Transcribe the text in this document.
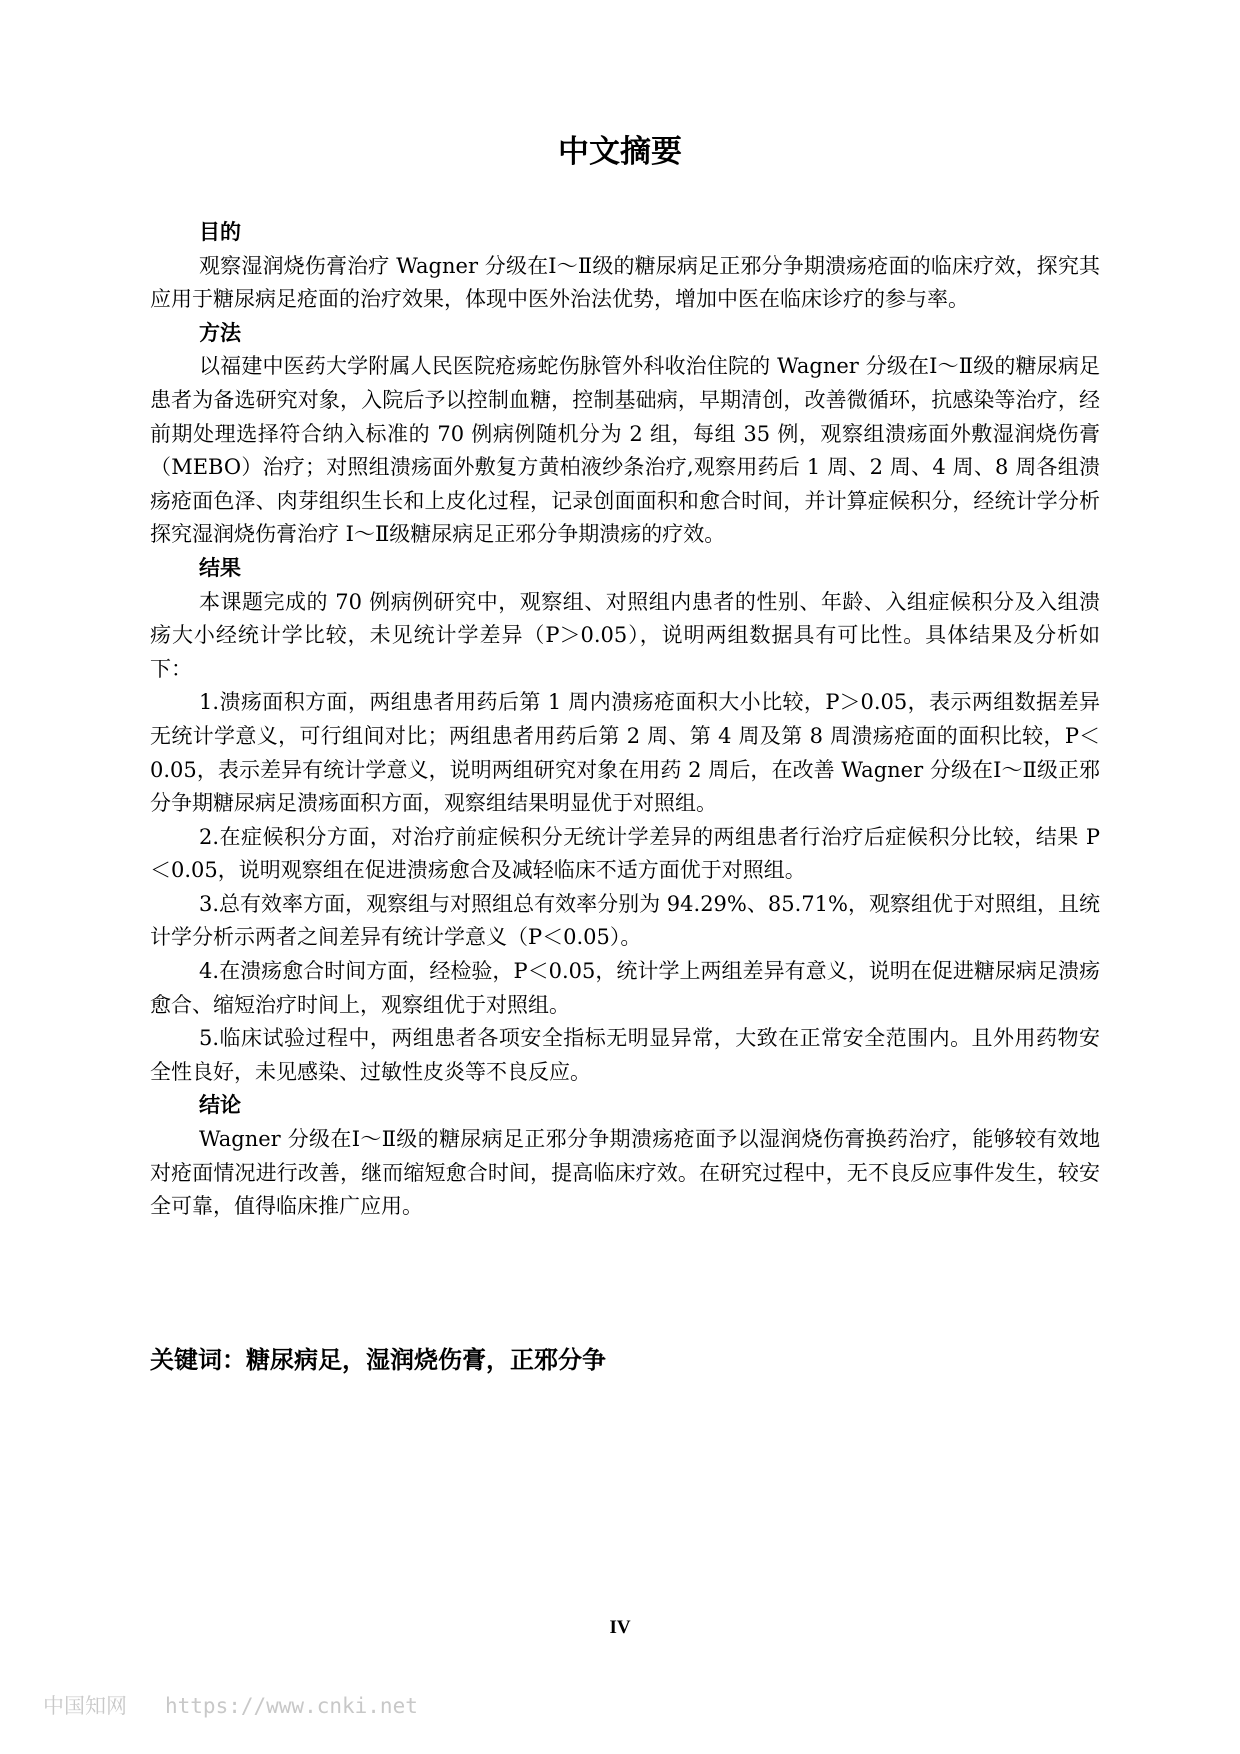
中文摘要
目的

观察湿润烧伤膏治疗 Wagner 分级在Ⅰ～Ⅱ级的糖尿病足正邪分争期溃疡疮面的临床疗效，探究其应用于糖尿病足疮面的治疗效果，体现中医外治法优势，增加中医在临床诊疗的参与率。

方法

以福建中医药大学附属人民医院疮疡蛇伤脉管外科收治住院的 Wagner 分级在Ⅰ～Ⅱ级的糖尿病足患者为备选研究对象，入院后予以控制血糖，控制基础病，早期清创，改善微循环，抗感染等治疗，经前期处理选择符合纳入标准的 70 例病例随机分为 2 组，每组 35 例，观察组溃疡面外敷湿润烧伤膏（MEBO）治疗；对照组溃疡面外敷复方黄柏液纱条治疗,观察用药后 1 周、2 周、4 周、8 周各组溃疡疮面色泽、肉芽组织生长和上皮化过程，记录创面面积和愈合时间，并计算症候积分，经统计学分析探究湿润烧伤膏治疗 I～Ⅱ级糖尿病足正邪分争期溃疡的疗效。

结果

本课题完成的 70 例病例研究中，观察组、对照组内患者的性别、年龄、入组症候积分及入组溃疡大小经统计学比较，未见统计学差异（P＞0.05），说明两组数据具有可比性。具体结果及分析如下：

1.溃疡面积方面，两组患者用药后第 1 周内溃疡疮面积大小比较，P＞0.05，表示两组数据差异无统计学意义，可行组间对比；两组患者用药后第 2 周、第 4 周及第 8 周溃疡疮面的面积比较，P＜0.05，表示差异有统计学意义，说明两组研究对象在用药 2 周后，在改善 Wagner 分级在Ⅰ～Ⅱ级正邪分争期糖尿病足溃疡面积方面，观察组结果明显优于对照组。

2.在症候积分方面，对治疗前症候积分无统计学差异的两组患者行治疗后症候积分比较，结果 P＜0.05，说明观察组在促进溃疡愈合及减轻临床不适方面优于对照组。

3.总有效率方面，观察组与对照组总有效率分别为 94.29%、85.71%，观察组优于对照组，且统计学分析示两者之间差异有统计学意义（P＜0.05）。

4.在溃疡愈合时间方面，经检验，P＜0.05，统计学上两组差异有意义，说明在促进糖尿病足溃疡愈合、缩短治疗时间上，观察组优于对照组。

5.临床试验过程中，两组患者各项安全指标无明显异常，大致在正常安全范围内。且外用药物安全性良好，未见感染、过敏性皮炎等不良反应。

结论

Wagner 分级在Ⅰ～Ⅱ级的糖尿病足正邪分争期溃疡疮面予以湿润烧伤膏换药治疗，能够较有效地对疮面情况进行改善，继而缩短愈合时间，提高临床疗效。在研究过程中，无不良反应事件发生，较安全可靠，值得临床推广应用。

关键词：糖尿病足，湿润烧伤膏，正邪分争

IV
中国知网 https://www.cnki.net
